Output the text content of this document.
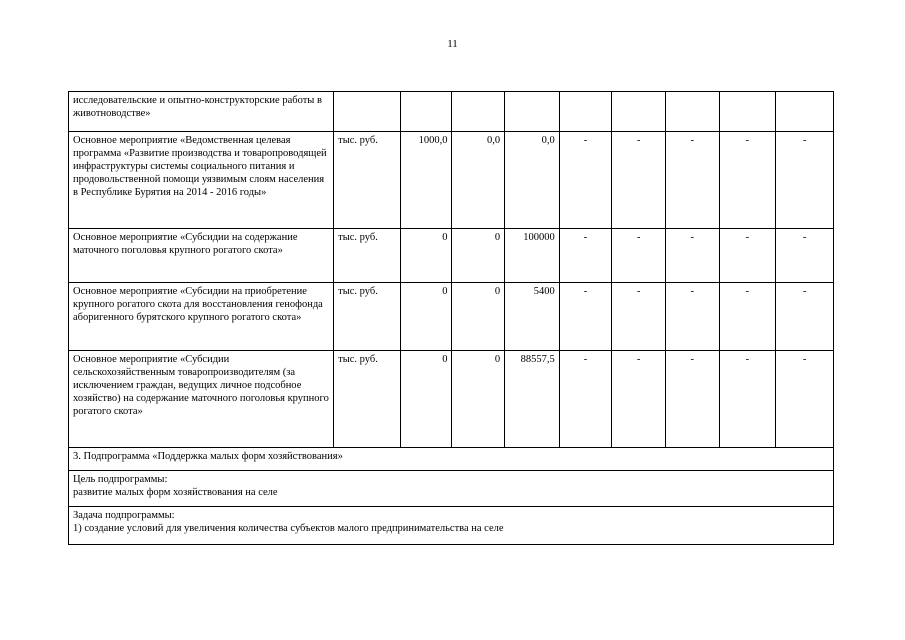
11
исследовательские и опытно-конструкторские работы в животноводстве»									
Основное мероприятие «Ведомственная целевая программа «Развитие производства и товаропроводящей инфраструктуры системы социального питания и продовольственной помощи уязвимым слоям населения в Республике Бурятия на 2014 - 2016 годы»	тыс. руб.	1000,0	0,0	0,0	-	-	-	-	-
Основное мероприятие «Субсидии на содержание маточного поголовья крупного рогатого скота»	тыс. руб.	0	0	100000	-	-	-	-	-
Основное мероприятие «Субсидии на приобретение крупного рогатого скота для восстановления генофонда аборигенного бурятского крупного рогатого скота»	тыс. руб.	0	0	5400	-	-	-	-	-
Основное мероприятие «Субсидии сельскохозяйственным товаропроизводителям (за исключением граждан, ведущих личное подсобное хозяйство) на содержание маточного поголовья крупного рогатого скота»	тыс. руб.	0	0	88557,5	-	-	-	-	-
3. Подпрограмма «Поддержка малых форм хозяйствования»									

Цель подпрограммы:
развитие малых форм хозяйствования на селе									

Задача подпрограммы:
1) создание условий для увеличения количества субъектов малого предпринимательства на селе									
